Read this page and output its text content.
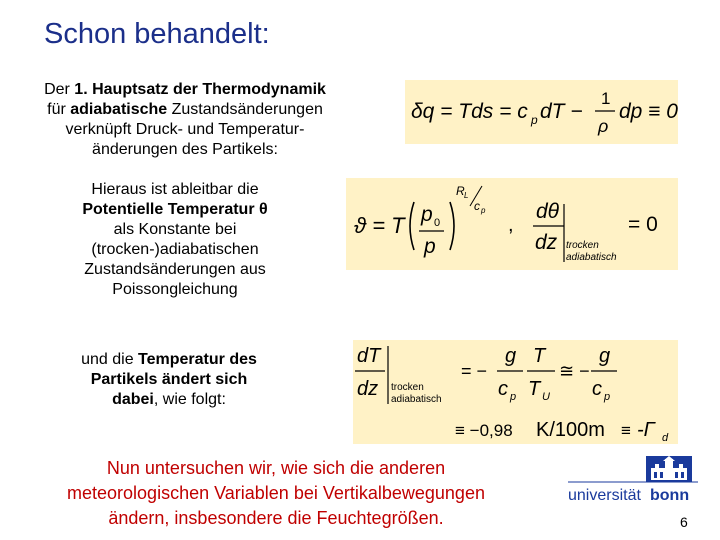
Schon behandelt:
Der 1. Hauptsatz der Thermodynamik
für adiabatische Zustandsänderungen
verknüpft Druck- und Temperatur-
änderungen des Partikels:
δq = Tds = c p dT −
1
ρ
dp ≡ 0
Hieraus ist ableitbar die
Potentielle Temperatur θ
als Konstante bei
(trocken-)adiabatischen
Zustandsänderungen aus
Poissongleichung
ϑ = T p 0
p
R L
c p
,
dθ
dz trocken
adiabatisch
= 0
und die Temperatur des
Partikels ändert sich
dabei, wie folgt:
dT
dz trocken
adiabatisch
= −
g
c p
T
T U
≅ −
g
c p
≡ −0,98 K/100m ≡ -Γ d
Nun untersuchen wir, wie sich die anderen
meteorologischen Variablen bei Vertikalbewegungen
ändern, insbesondere die Feuchtegrößen.
universität bonn
6
